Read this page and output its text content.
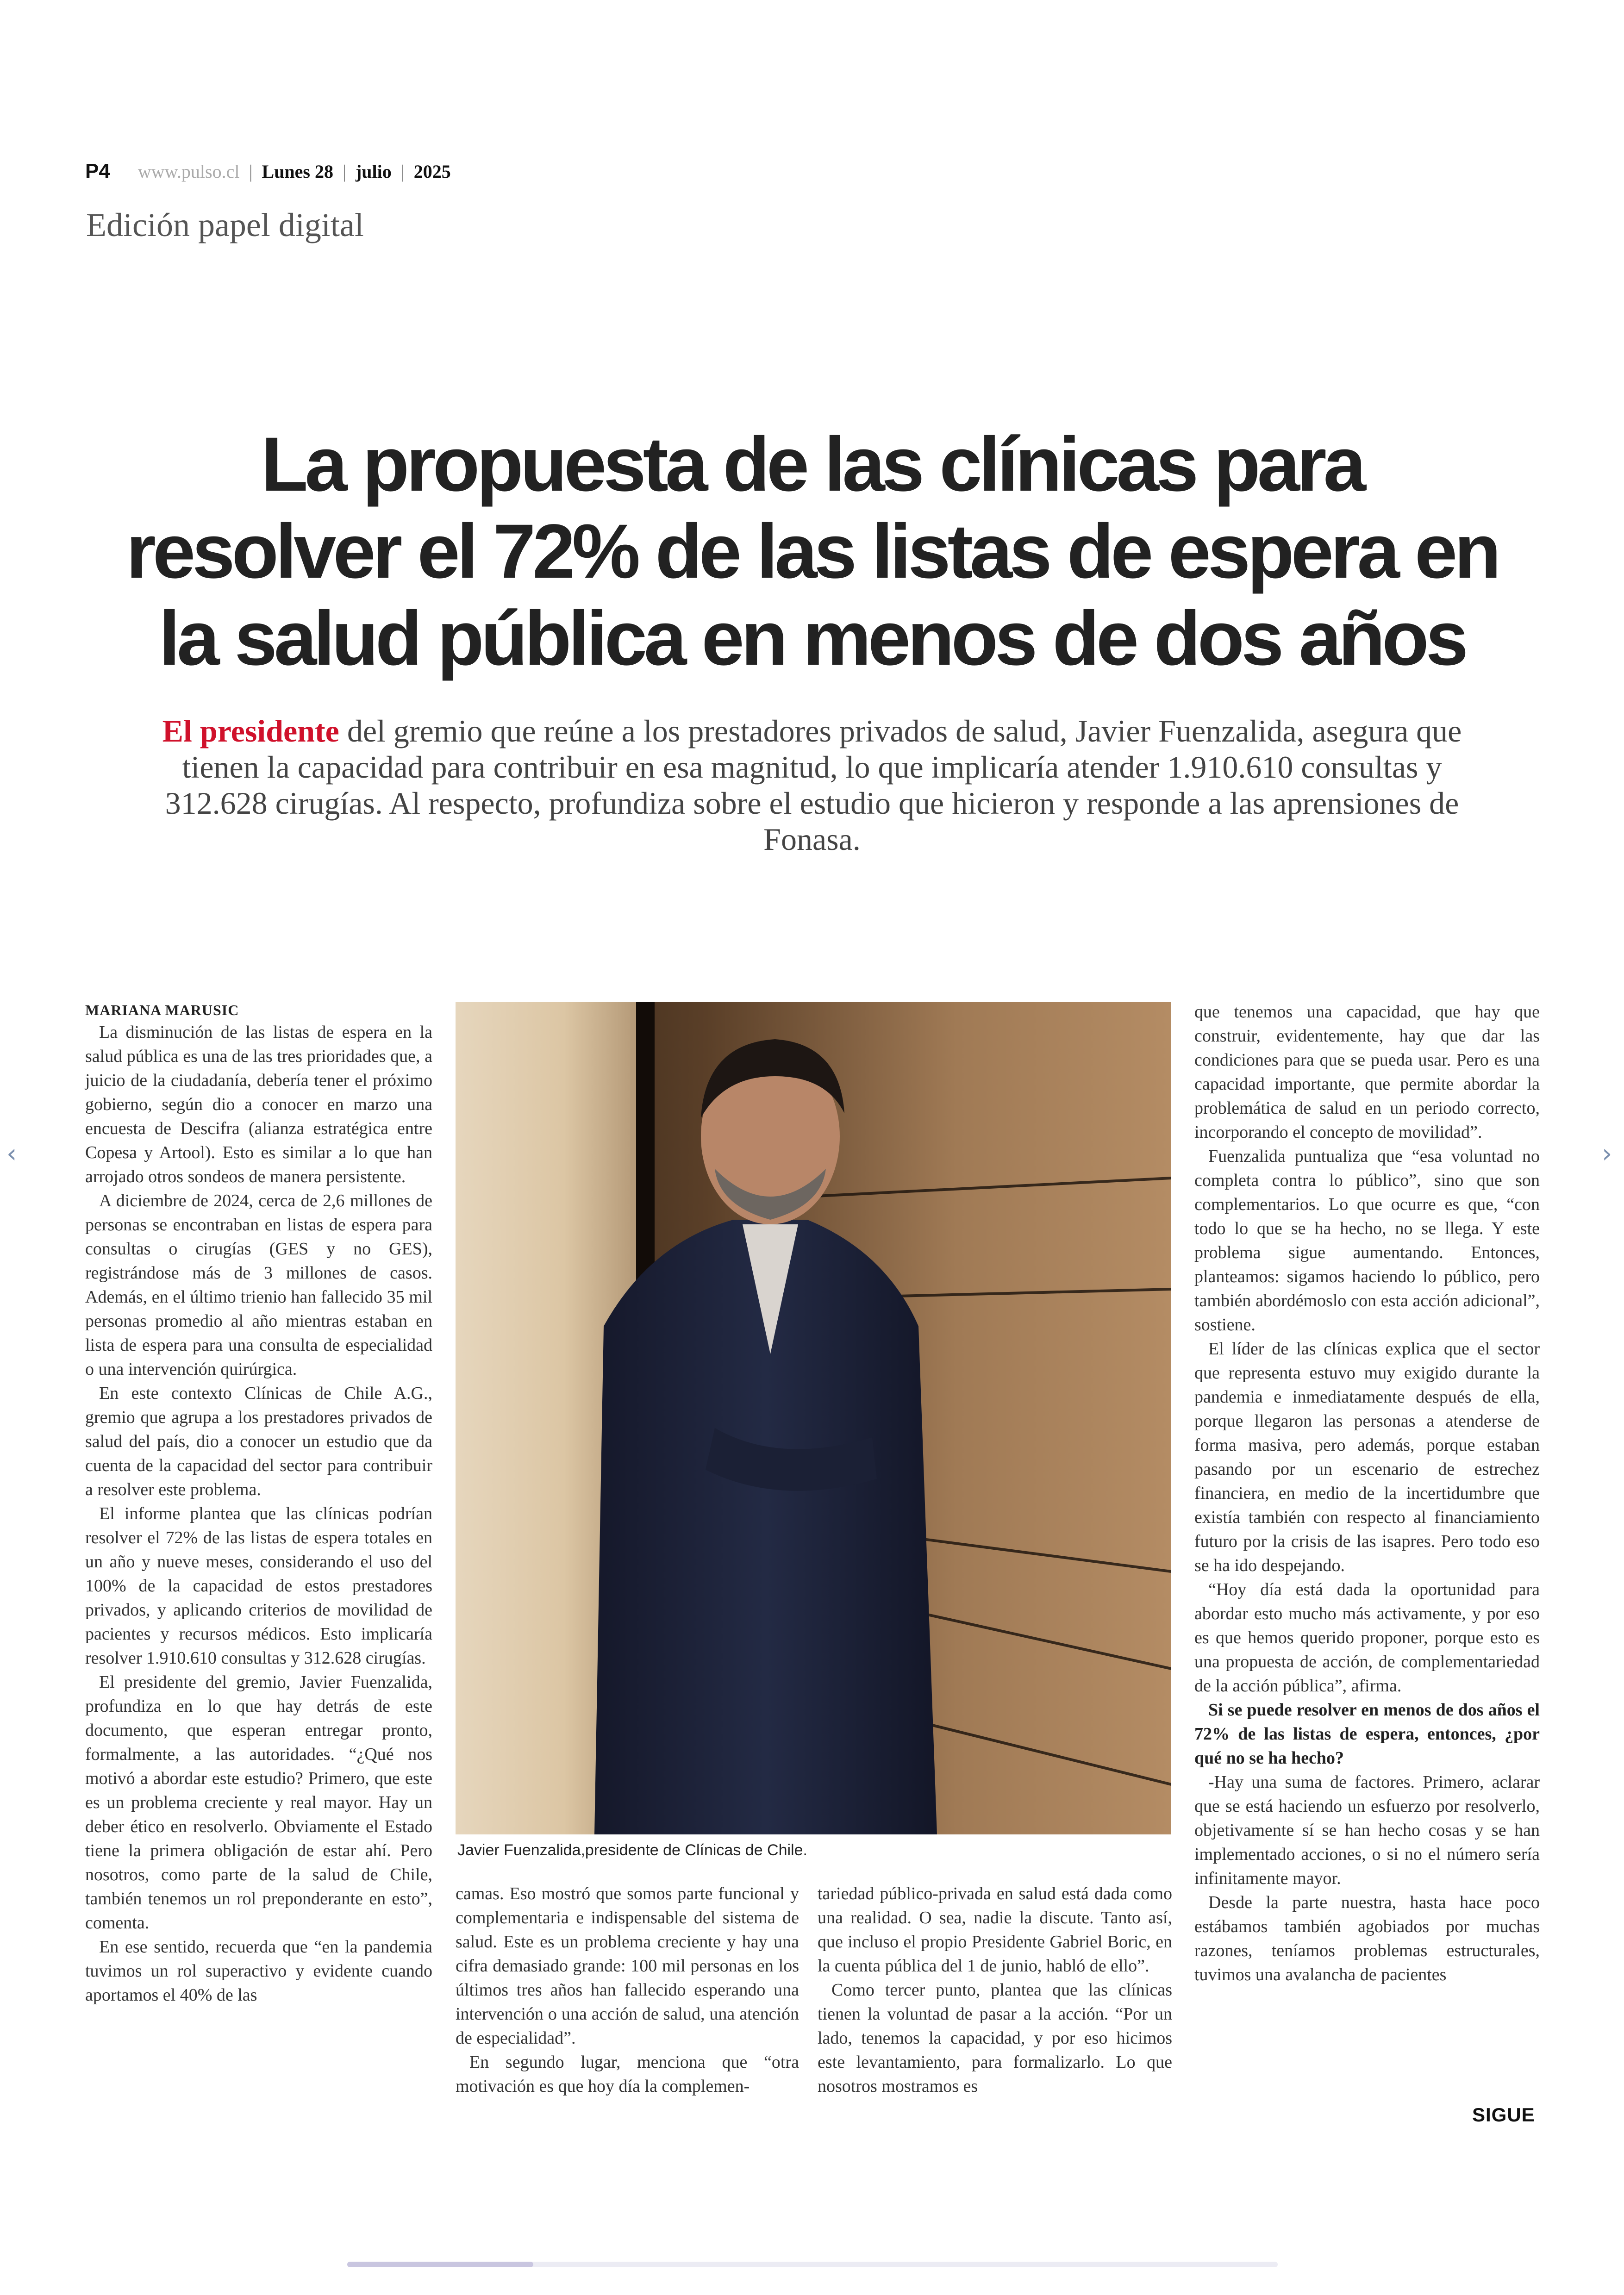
P4 www.pulso.cl | Lunes 28 | julio | 2025
Edición papel digital
La propuesta de las clínicas para resolver el 72% de las listas de espera en la salud pública en menos de dos años

El presidente del gremio que reúne a los prestadores privados de salud, Javier Fuenzalida, asegura que tienen la capacidad para contribuir en esa magnitud, lo que implicaría atender 1.910.610 consultas y 312.628 cirugías. Al respecto, profundiza sobre el estudio que hicieron y responde a las aprensiones de Fonasa.

MARIANA MARUSIC

La disminución de las listas de espera en la salud pública es una de las tres prioridades que, a juicio de la ciudadanía, debería tener el próximo gobierno, según dio a conocer en marzo una encuesta de Descifra (alianza estratégica entre Copesa y Artool). Esto es similar a lo que han arrojado otros sondeos de manera persistente.

A diciembre de 2024, cerca de 2,6 millones de personas se encontraban en listas de espera para consultas o cirugías (GES y no GES), registrándose más de 3 millones de casos. Además, en el último trienio han fallecido 35 mil personas promedio al año mientras estaban en lista de espera para una consulta de especialidad o una intervención quirúrgica.

En este contexto Clínicas de Chile A.G., gremio que agrupa a los prestadores privados de salud del país, dio a conocer un estudio que da cuenta de la capacidad del sector para contribuir a resolver este problema.

El informe plantea que las clínicas podrían resolver el 72% de las listas de espera totales en un año y nueve meses, considerando el uso del 100% de la capacidad de estos prestadores privados, y aplicando criterios de movilidad de pacientes y recursos médicos. Esto implicaría resolver 1.910.610 consultas y 312.628 cirugías.

El presidente del gremio, Javier Fuenzalida, profundiza en lo que hay detrás de este documento, que esperan entregar pronto, formalmente, a las autoridades. “¿Qué nos motivó a abordar este estudio? Primero, que este es un problema creciente y real mayor. Hay un deber ético en resolverlo. Obviamente el Estado tiene la primera obligación de estar ahí. Pero nosotros, como parte de la salud de Chile, también tenemos un rol preponderante en esto”, comenta.

En ese sentido, recuerda que “en la pandemia tuvimos un rol superactivo y evidente cuando aportamos el 40% de las

Javier Fuenzalida,presidente de Clínicas de Chile.

camas. Eso mostró que somos parte funcional y complementaria e indispensable del sistema de salud. Este es un problema creciente y hay una cifra demasiado grande: 100 mil personas en los últimos tres años han fallecido esperando una intervención o una acción de salud, una atención de especialidad”.

En segundo lugar, menciona que “otra motivación es que hoy día la complemen-

tariedad público-privada en salud está dada como una realidad. O sea, nadie la discute. Tanto así, que incluso el propio Presidente Gabriel Boric, en la cuenta pública del 1 de junio, habló de ello”.

Como tercer punto, plantea que las clínicas tienen la voluntad de pasar a la acción. “Por un lado, tenemos la capacidad, y por eso hicimos este levantamiento, para formalizarlo. Lo que nosotros mostramos es

que tenemos una capacidad, que hay que construir, evidentemente, hay que dar las condiciones para que se pueda usar. Pero es una capacidad importante, que permite abordar la problemática de salud en un periodo correcto, incorporando el concepto de movilidad”.

Fuenzalida puntualiza que “esa voluntad no completa contra lo público”, sino que son complementarios. Lo que ocurre es que, “con todo lo que se ha hecho, no se llega. Y este problema sigue aumentando. Entonces, planteamos: sigamos haciendo lo público, pero también abordémoslo con esta acción adicional”, sostiene.

El líder de las clínicas explica que el sector que representa estuvo muy exigido durante la pandemia e inmediatamente después de ella, porque llegaron las personas a atenderse de forma masiva, pero además, porque estaban pasando por un escenario de estrechez financiera, en medio de la incertidumbre que existía también con respecto al financiamiento futuro por la crisis de las isapres. Pero todo eso se ha ido despejando.

“Hoy día está dada la oportunidad para abordar esto mucho más activamente, y por eso es que hemos querido proponer, porque esto es una propuesta de acción, de complementariedad de la acción pública”, afirma.

Si se puede resolver en menos de dos años el 72% de las listas de espera, entonces, ¿por qué no se ha hecho?

-Hay una suma de factores. Primero, aclarar que se está haciendo un esfuerzo por resolverlo, objetivamente sí se han hecho cosas y se han implementado acciones, o si no el número sería infinitamente mayor.

Desde la parte nuestra, hasta hace poco estábamos también agobiados por muchas razones, teníamos problemas estructurales, tuvimos una avalancha de pacientes

SIGUE
‹	›
